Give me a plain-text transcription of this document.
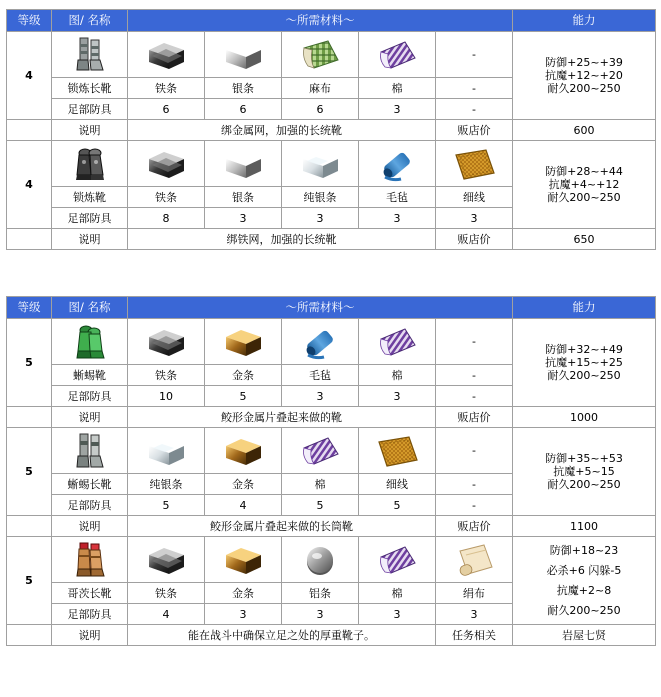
等级	图/ 名称	～所需材料～					能力
4						-	防御+25~+39
抗魔+12~+20
耐久200~250

	锁炼长靴	铁条	银条	麻布	棉	-	
	足部防具	6	6	6	3	-	
	说明	绑金属网，加强的长统靴				贩店价	600
4							防御+28~+44
抗魔+4~+12
耐久200~250

	锁炼靴	铁条	银条	纯银条	毛毡	细线	
	足部防具	8	3	3	3	3	
	说明	绑铁网，加强的长统靴				贩店价	650
等级	图/ 名称	～所需材料～					能力
5						-	防御+32~+49
抗魔+15~+25
耐久200~250

	蜥蜴靴	铁条	金条	毛毡	棉	-	
	足部防具	10	5	3	3	-	
	说明	鲛形金属片叠起来做的靴				贩店价	1000
5						-	防御+35~+53
抗魔+5~15
耐久200~250

	蜥蜴长靴	纯银条	金条	棉	细线	-	
	足部防具	5	4	5	5	-	
	说明	鲛形金属片叠起来做的长筒靴				贩店价	1100
5							防御+18~23
必杀+6 闪躲-5
抗魔+2~8
耐久200~250

	哥茨长靴	铁条	金条	铝条	棉	绢布	
	足部防具	4	3	3	3	3	
	说明	能在战斗中确保立足之处的厚重靴子。				任务相关	岩屋七贤
